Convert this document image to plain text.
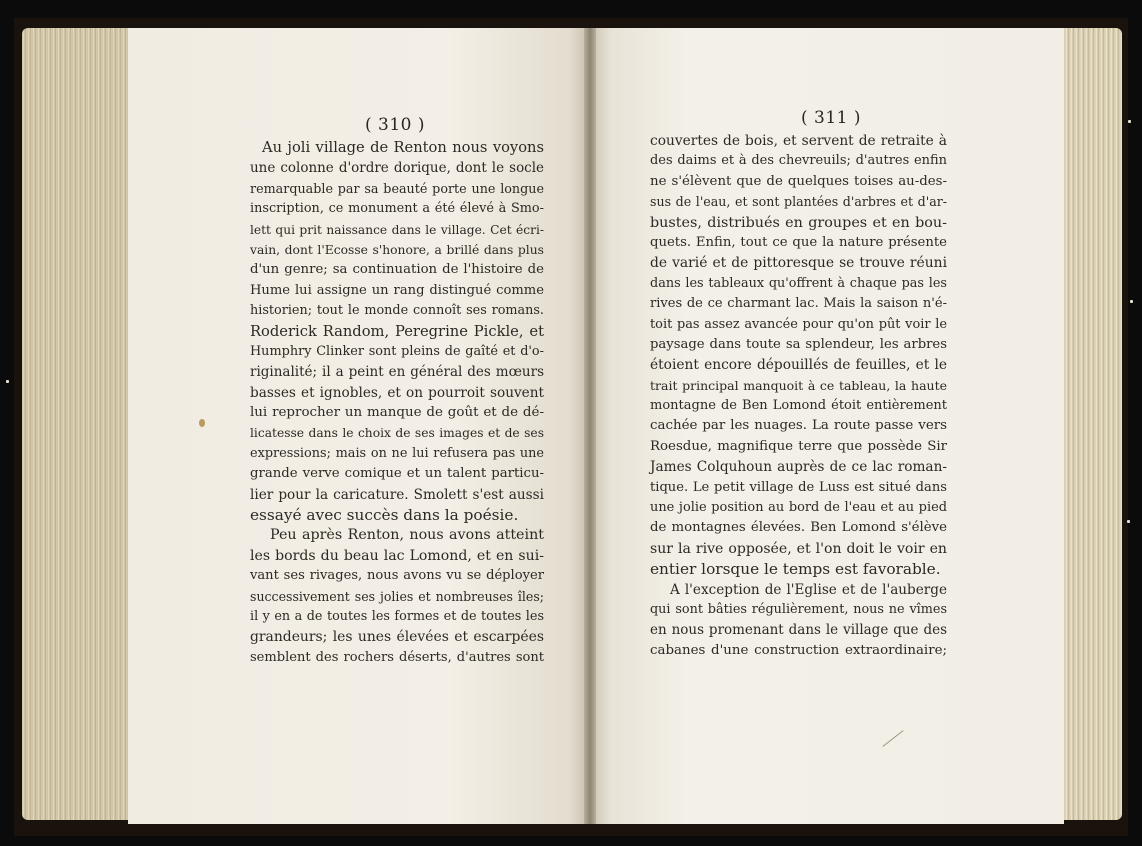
( 310 )	( 311 )
Au joli village de Renton nous voyons
une colonne d'ordre dorique, dont le socle
remarquable par sa beauté porte une longue
inscription, ce monument a été élevé à Smo-
lett qui prit naissance dans le village. Cet écri-
vain, dont l'Ecosse s'honore, a brillé dans plus
d'un genre; sa continuation de l'histoire de
Hume lui assigne un rang distingué comme
historien; tout le monde connoît ses romans.
Roderick Random, Peregrine Pickle, et
Humphry Clinker sont pleins de gaîté et d'o-
riginalité; il a peint en général des mœurs
basses et ignobles, et on pourroit souvent
lui reprocher un manque de goût et de dé-
licatesse dans le choix de ses images et de ses
expressions; mais on ne lui refusera pas une
grande verve comique et un talent particu-
lier pour la caricature. Smolett s'est aussi
essayé avec succès dans la poésie.
Peu après Renton, nous avons atteint
les bords du beau lac Lomond, et en sui-
vant ses rivages, nous avons vu se déployer
successivement ses jolies et nombreuses îles;
il y en a de toutes les formes et de toutes les
grandeurs; les unes élevées et escarpées
semblent des rochers déserts, d'autres sont
couvertes de bois, et servent de retraite à
des daims et à des chevreuils; d'autres enfin
ne s'élèvent que de quelques toises au-des-
sus de l'eau, et sont plantées d'arbres et d'ar-
bustes, distribués en groupes et en bou-
quets. Enfin, tout ce que la nature présente
de varié et de pittoresque se trouve réuni
dans les tableaux qu'offrent à chaque pas les
rives de ce charmant lac. Mais la saison n'é-
toit pas assez avancée pour qu'on pût voir le
paysage dans toute sa splendeur, les arbres
étoient encore dépouillés de feuilles, et le
trait principal manquoit à ce tableau, la haute
montagne de Ben Lomond étoit entièrement
cachée par les nuages. La route passe vers
Roesdue, magnifique terre que possède Sir
James Colquhoun auprès de ce lac roman-
tique. Le petit village de Luss est situé dans
une jolie position au bord de l'eau et au pied
de montagnes élevées. Ben Lomond s'élève
sur la rive opposée, et l'on doit le voir en
entier lorsque le temps est favorable.
A l'exception de l'Eglise et de l'auberge
qui sont bâties régulièrement, nous ne vîmes
en nous promenant dans le village que des
cabanes d'une construction extraordinaire;
